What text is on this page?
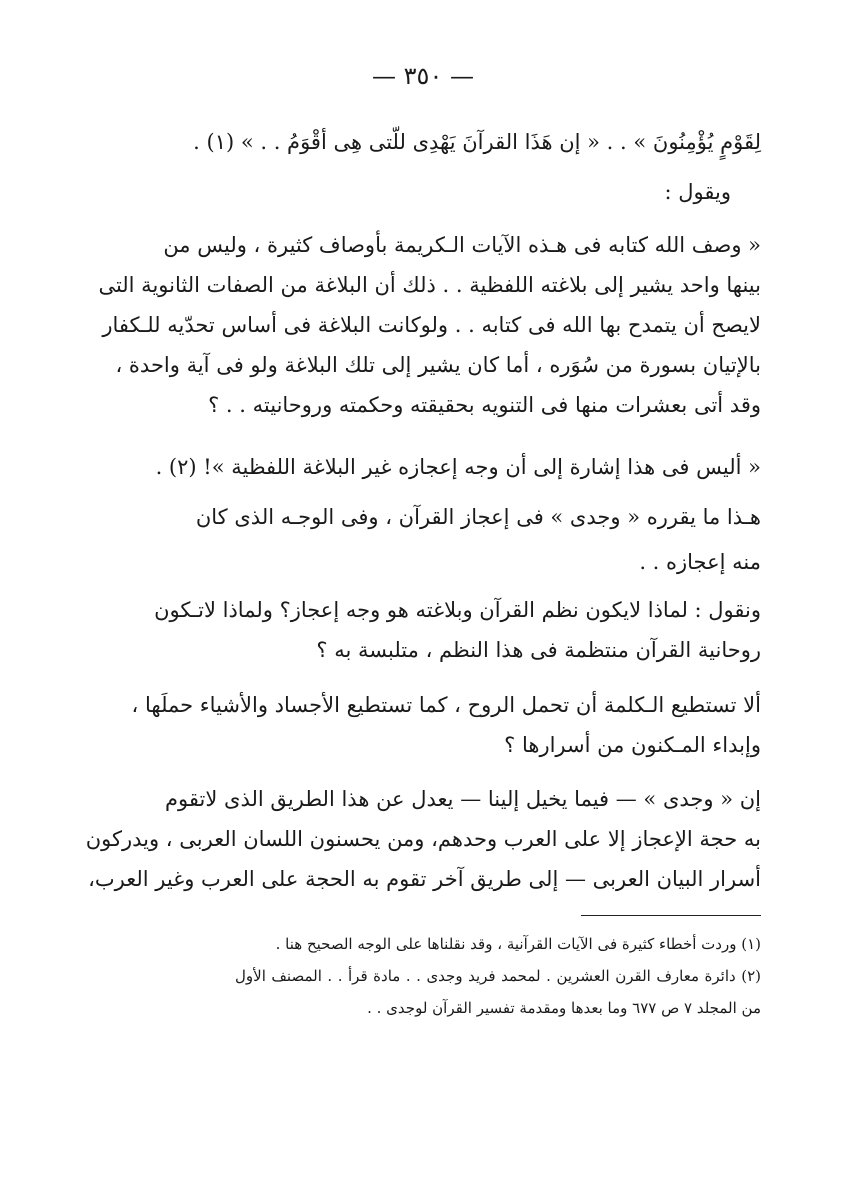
— ٣٥٠ —
لِقَوْمٍ يُؤْمِنُونَ » . . « إن هَذَا القرآنَ يَهْدِى للّتى هِى أقْوَمُ . . » (١) .
ويقول :
« وصف الله كتابه فى هـذه الآيات الـكريمة بأوصاف كثيرة ، وليس من
بينها واحد يشير إلى بلاغته اللفظية . . ذلك أن البلاغة من الصفات الثانوية التى
لايصح أن يتمدح بها الله فى كتابه . . ولوكانت البلاغة فى أساس تحدّيه للـكفار
بالإتيان بسورة من سُوَره ، أما كان يشير إلى تلك البلاغة ولو فى آية واحدة ،
وقد أتى بعشرات منها فى التنويه بحقيقته وحكمته وروحانيته . . ؟
« أليس فى هذا إشارة إلى أن وجه إعجازه غير البلاغة اللفظية »! (٢) .
هـذا ما يقرره « وجدى » فى إعجاز القرآن ، وفى الوجـه الذى كان
منه إعجازه . .
ونقول : لماذا لايكون نظم القرآن وبلاغته هو وجه إعجاز؟ ولماذا لاتـكون
روحانية القرآن منتظمة فى هذا النظم ، متلبسة به ؟
ألا تستطيع الـكلمة أن تحمل الروح ، كما تستطيع الأجساد والأشياء حملَها ،
وإبداء المـكنون من أسرارها ؟
إن « وجدى » — فيما يخيل إلينا — يعدل عن هذا الطريق الذى لاتقوم
به حجة الإعجاز إلا على العرب وحدهم، ومن يحسنون اللسان العربى ، ويدركون
أسرار البيان العربى — إلى طريق آخر تقوم به الحجة على العرب وغير العرب،
(١) وردت أخطاء كثيرة فى الآيات القرآنية ، وقد نقلناها على الوجه الصحيح هنا .
(٢) دائرة معارف القرن العشرين . لمحمد فريد وجدى . . مادة قرأ . . المصنف الأول
من المجلد ٧ ص ٦٧٧ وما بعدها ومقدمة تفسير القرآن لوجدى . .
